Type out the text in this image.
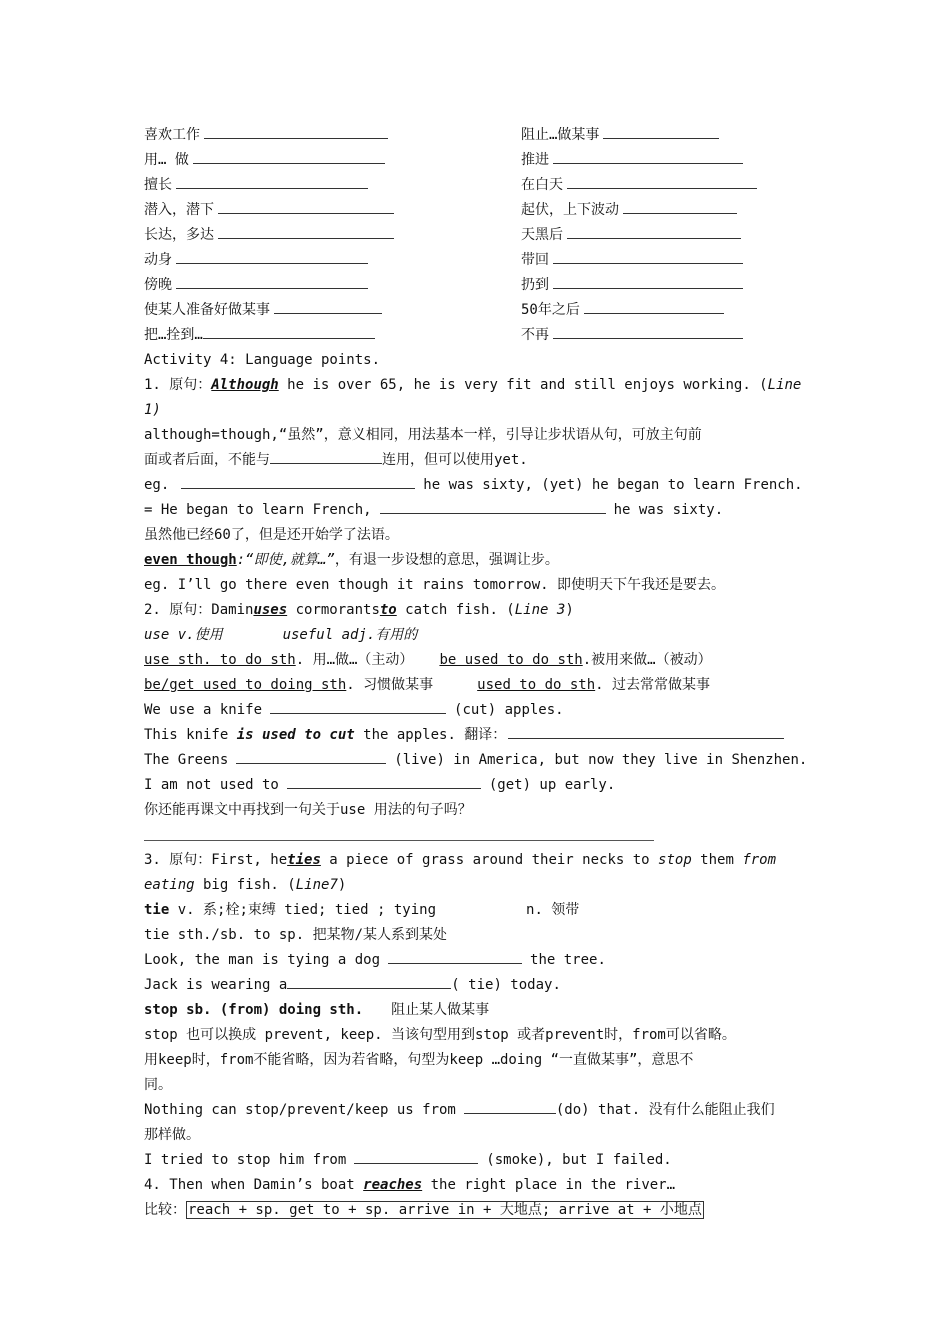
喜欢工作	阻止…做某事
用… 做	推进
擅长	在白天
潜入，潜下	起伏，上下波动
长达，多达	天黑后
动身	带回
傍晚	扔到
使某人准备好做某事	50年之后
把…拴到…	不再
Activity 4: Language points.
1. 原句：Although he is over 65, he is very fit and still enjoys working. (Line
1)
although=though,“虽然”，意义相同，用法基本一样，引导让步状语从句，可放主句前
面或者后面，不能与	连用，但可以使用yet.
eg.	he was sixty, (yet) he began to learn French.
= He began to learn French,	he was sixty.
虽然他已经60了，但是还开始学了法语。
even though:“即使,就算…”，有退一步设想的意思，强调让步。
eg. I’ll go there even though it rains tomorrow. 即使明天下午我还是要去。
2. 原句：Daminuses cormorantsto catch fish. (Line 3)
use v.使用	useful adj.有用的
use sth. to do sth. 用…做…（主动） be used to do sth.被用来做…（被动）
be/get used to doing sth. 习惯做某事	used to do sth. 过去常常做某事
We use a knife	(cut) apples.
This knife is used to cut the apples. 翻译：
The Greens	(live) in America, but now they live in Shenzhen.
I am not used to	(get) up early.
你还能再课文中再找到一句关于use 用法的句子吗？
3. 原句：First, heties a piece of grass around their necks to stop them from
eating big fish. (Line7)
tie v. 系;栓;束缚 tied; tied ; tying	n. 领带
tie sth./sb. to sp. 把某物/某人系到某处
Look, the man is tying a dog	the tree.
Jack is wearing a	( tie) today.
stop sb. (from) doing sth. 阻止某人做某事
stop 也可以换成 prevent, keep. 当该句型用到stop 或者prevent时，from可以省略。
用keep时，from不能省略，因为若省略，句型为keep …doing “一直做某事”，意思不
同。
Nothing can stop/prevent/keep us from	(do) that. 没有什么能阻止我们
那样做。
I tried to stop him from	(smoke), but I failed.
4. Then when Damin’s boat reaches the right place in the river…
比较： reach + sp. get to + sp. arrive in + 大地点; arrive at + 小地点
